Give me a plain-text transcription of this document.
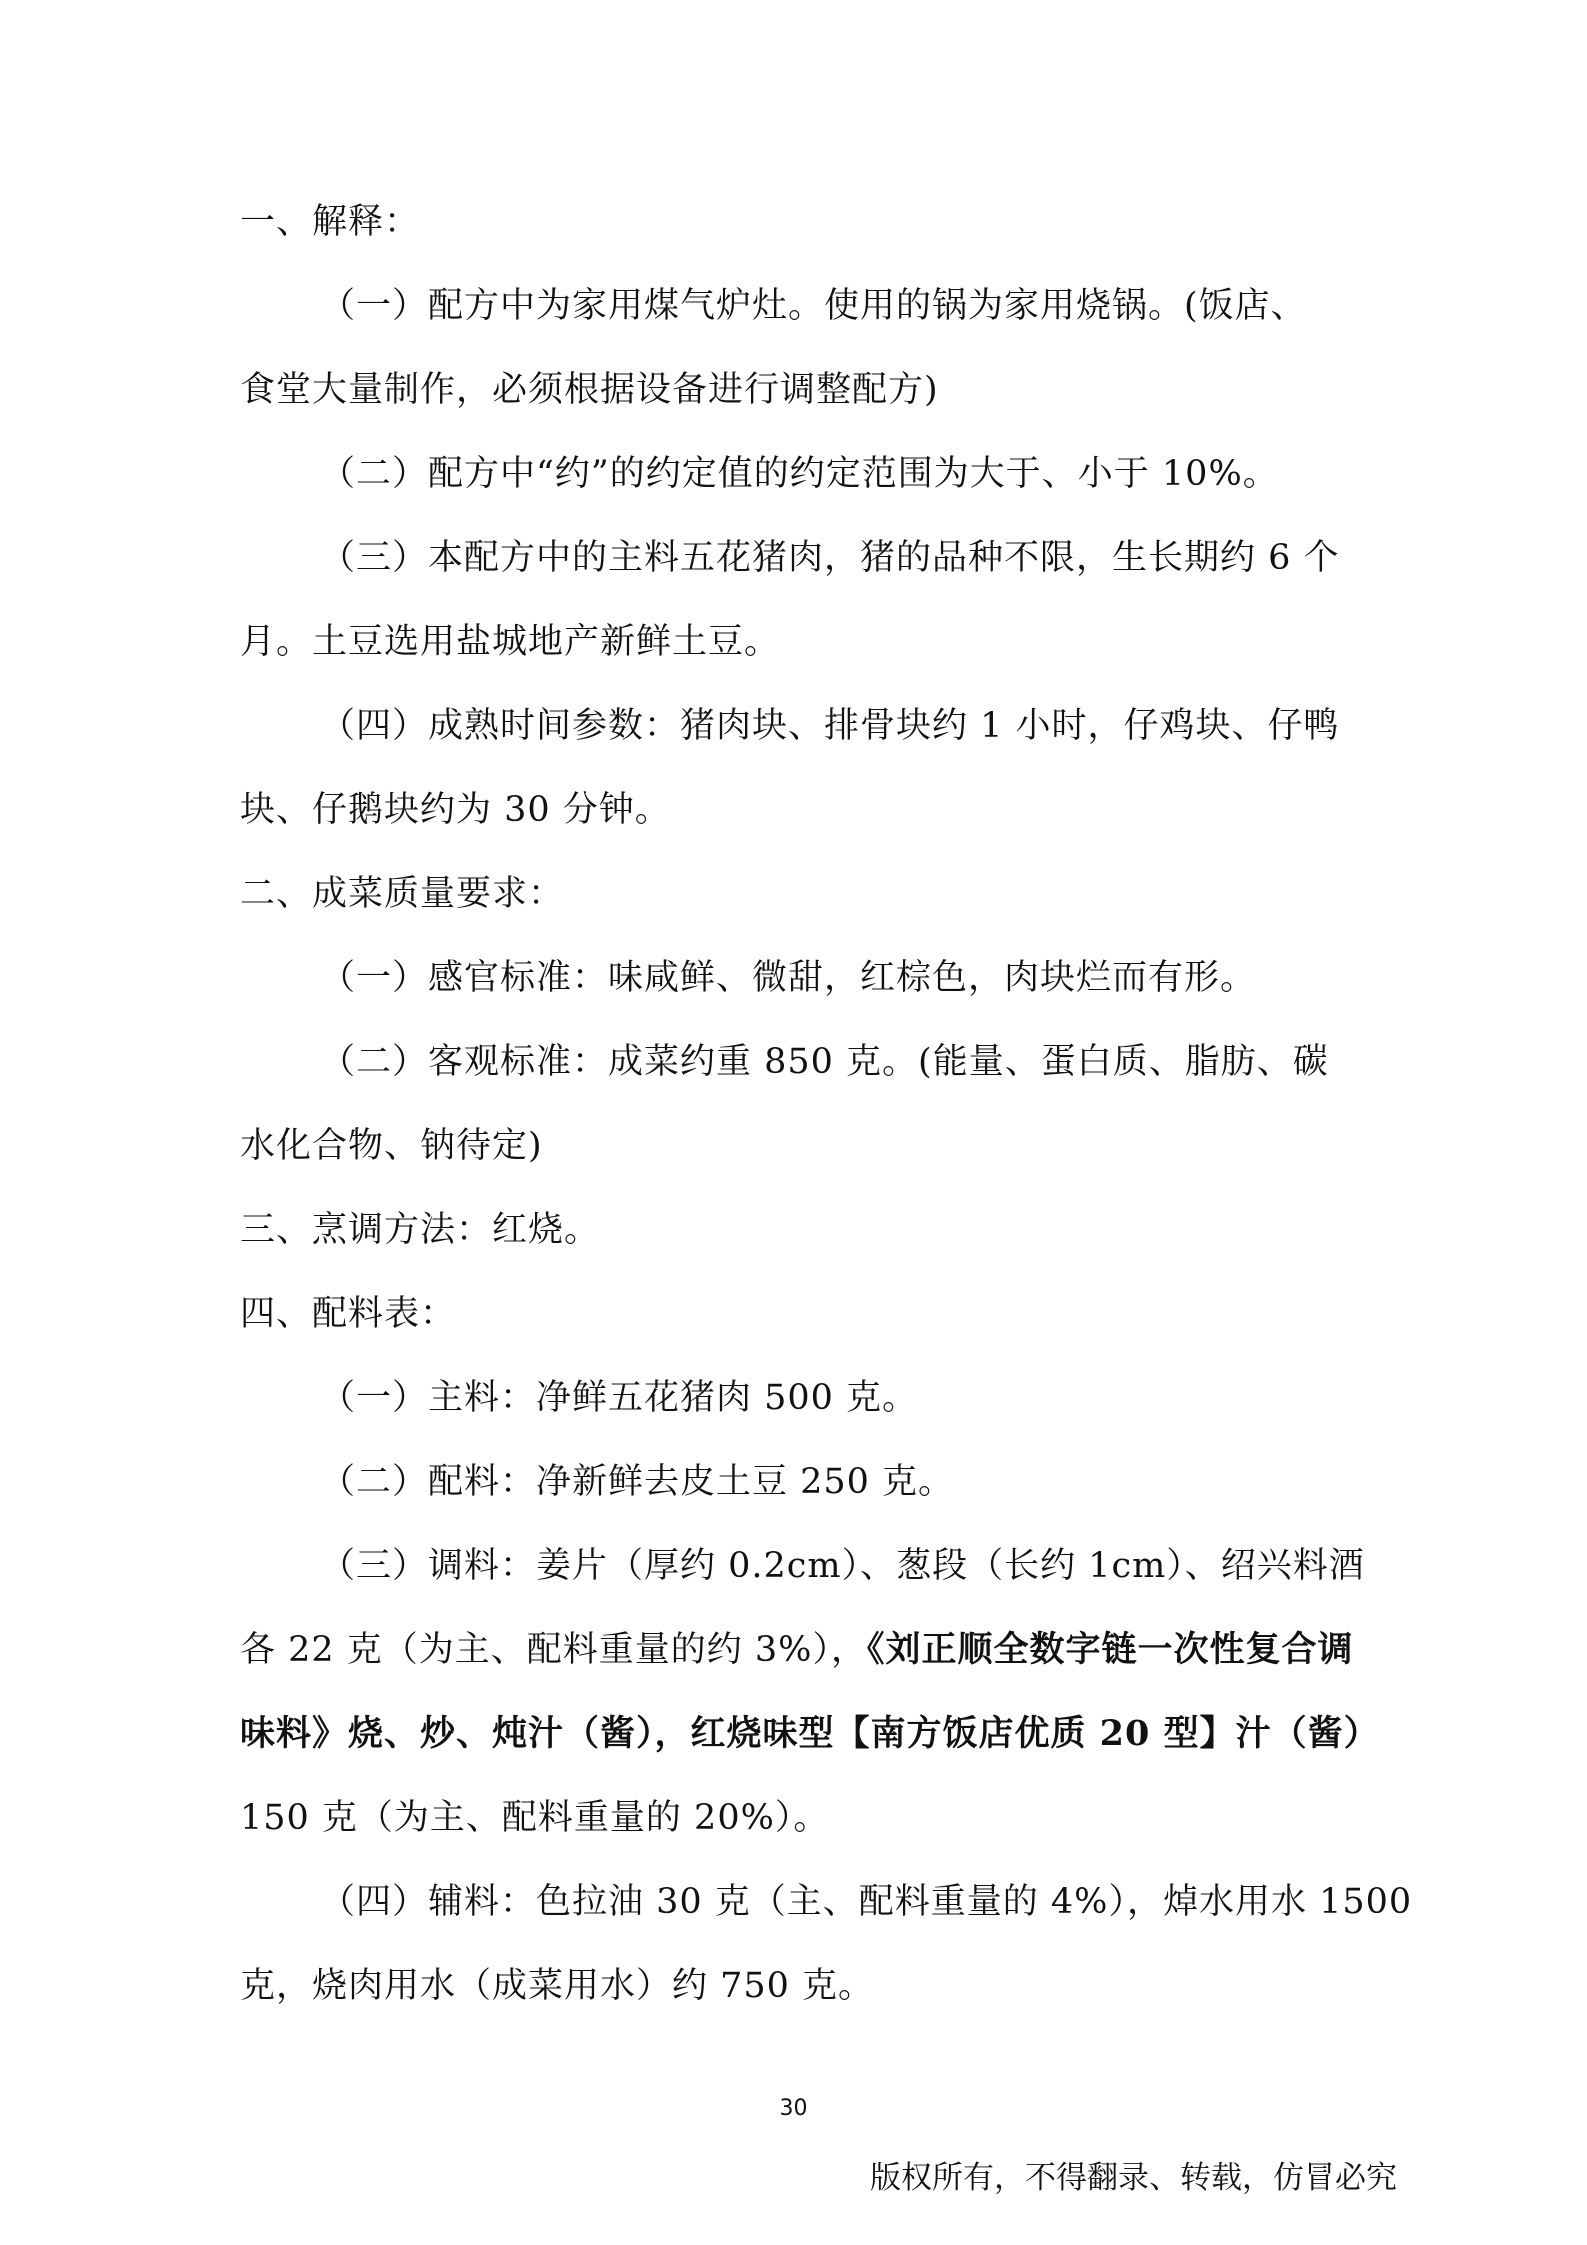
一、解释：
（一）配方中为家用煤气炉灶。使用的锅为家用烧锅。(饭店、
食堂大量制作，必须根据设备进行调整配方)
（二）配方中“约”的约定值的约定范围为大于、小于 10%。
（三）本配方中的主料五花猪肉，猪的品种不限，生长期约 6 个
月。土豆选用盐城地产新鲜土豆。
（四）成熟时间参数：猪肉块、排骨块约 1 小时，仔鸡块、仔鸭
块、仔鹅块约为 30 分钟。
二、成菜质量要求：
（一）感官标准：味咸鲜、微甜，红棕色，肉块烂而有形。
（二）客观标准：成菜约重 850 克。(能量、蛋白质、脂肪、碳
水化合物、钠待定)
三、烹调方法：红烧。
四、配料表：
（一）主料：净鲜五花猪肉 500 克。
（二）配料：净新鲜去皮土豆 250 克。
（三）调料：姜片（厚约 0.2cm）、葱段（长约 1cm）、绍兴料酒
各 22 克（为主、配料重量的约 3%），《刘正顺全数字链一次性复合调
味料》烧、炒、炖汁（酱），红烧味型【南方饭店优质 20 型】汁（酱）
150 克（为主、配料重量的 20%）。
（四）辅料：色拉油 30 克（主、配料重量的 4%），焯水用水 1500
克，烧肉用水（成菜用水）约 750 克。
30
版权所有，不得翻录、转载，仿冒必究
